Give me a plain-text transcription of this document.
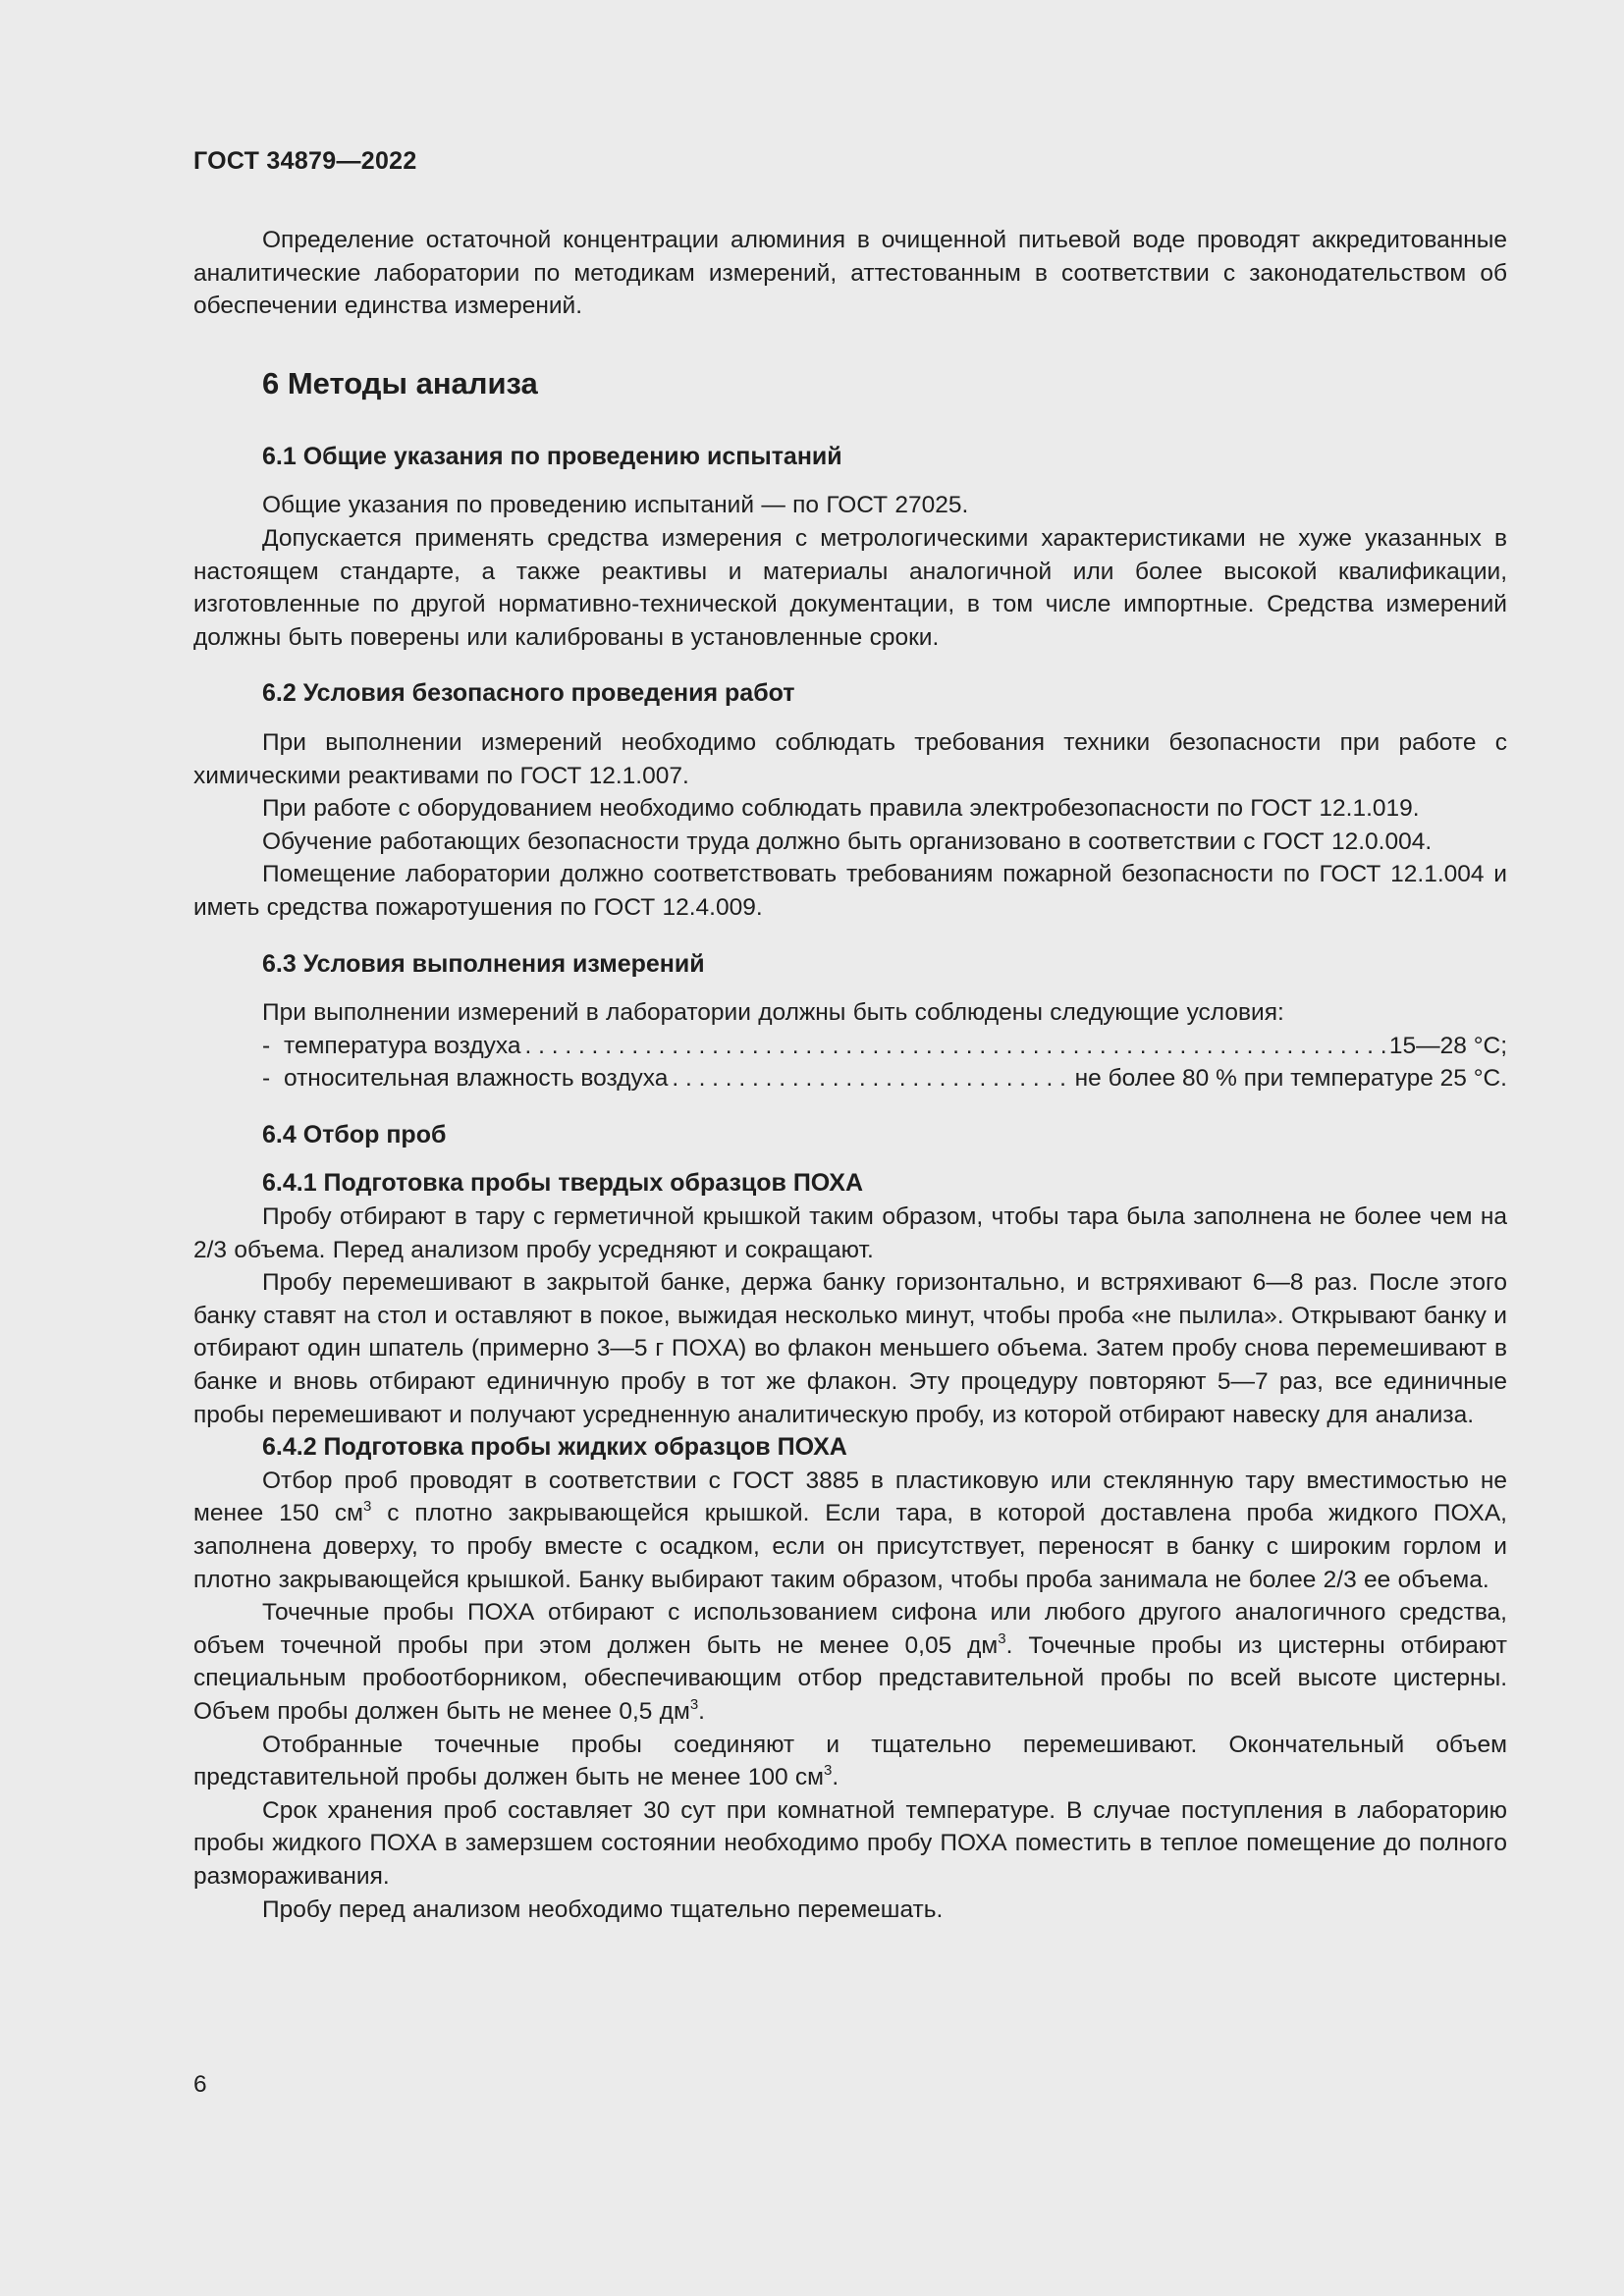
ГОСТ 34879—2022

Определение остаточной концентрации алюминия в очищенной питьевой воде проводят аккредитованные аналитические лаборатории по методикам измерений, аттестованным в соответствии с законодательством об обеспечении единства измерений.

6 Методы анализа
6.1 Общие указания по проведению испытаний

Общие указания по проведению испытаний — по ГОСТ 27025.

Допускается применять средства измерения с метрологическими характеристиками не хуже указанных в настоящем стандарте, а также реактивы и материалы аналогичной или более высокой квалификации, изготовленные по другой нормативно-технической документации, в том числе импортные. Средства измерений должны быть поверены или калиброваны в установленные сроки.

6.2 Условия безопасного проведения работ

При выполнении измерений необходимо соблюдать требования техники безопасности при работе с химическими реактивами по ГОСТ 12.1.007.

При работе с оборудованием необходимо соблюдать правила электробезопасности по ГОСТ 12.1.019.

Обучение работающих безопасности труда должно быть организовано в соответствии с ГОСТ 12.0.004.

Помещение лаборатории должно соответствовать требованиям пожарной безопасности по ГОСТ 12.1.004 и иметь средства пожаротушения по ГОСТ 12.4.009.

6.3 Условия выполнения измерений

При выполнении измерений в лаборатории должны быть соблюдены следующие условия:

- температура воздуха . . .	15—28 °С;
- относительная влажность воздуха . . .	не более 80 % при температуре 25 °С.
6.4 Отбор проб
6.4.1 Подготовка пробы твердых образцов ПОХА

Пробу отбирают в тару с герметичной крышкой таким образом, чтобы тара была заполнена не более чем на 2/3 объема. Перед анализом пробу усредняют и сокращают.

Пробу перемешивают в закрытой банке, держа банку горизонтально, и встряхивают 6—8 раз. После этого банку ставят на стол и оставляют в покое, выжидая несколько минут, чтобы проба «не пылила». Открывают банку и отбирают один шпатель (примерно 3—5 г ПОХА) во флакон меньшего объема. Затем пробу снова перемешивают в банке и вновь отбирают единичную пробу в тот же флакон. Эту процедуру повторяют 5—7 раз, все единичные пробы перемешивают и получают усредненную аналитическую пробу, из которой отбирают навеску для анализа.

6.4.2 Подготовка пробы жидких образцов ПОХА

Отбор проб проводят в соответствии с ГОСТ 3885 в пластиковую или стеклянную тару вместимостью не менее 150 $см^3$ с плотно закрывающейся крышкой. Если тара, в которой доставлена проба жидкого ПОХА, заполнена доверху, то пробу вместе с осадком, если он присутствует, переносят в банку с широким горлом и плотно закрывающейся крышкой. Банку выбирают таким образом, чтобы проба занимала не более 2/3 ее объема.

Точечные пробы ПОХА отбирают с использованием сифона или любого другого аналогичного средства, объем точечной пробы при этом должен быть не менее 0,05 $дм^3$. Точечные пробы из цистерны отбирают специальным пробоотборником, обеспечивающим отбор представительной пробы по всей высоте цистерны. Объем пробы должен быть не менее 0,5 $дм^3$.

Отобранные точечные пробы соединяют и тщательно перемешивают. Окончательный объем представительной пробы должен быть не менее 100 $см^3$.

Срок хранения проб составляет 30 сут при комнатной температуре. В случае поступления в лабораторию пробы жидкого ПОХА в замерзшем состоянии необходимо пробу ПОХА поместить в теплое помещение до полного размораживания.

Пробу перед анализом необходимо тщательно перемешать.

6
